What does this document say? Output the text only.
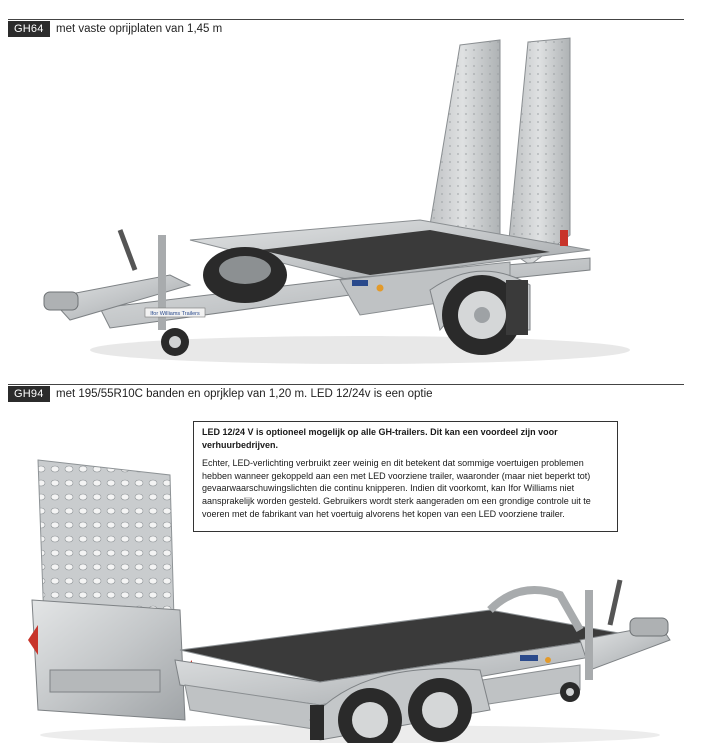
GH64	met vaste oprijplaten van 1,45 m
Ifor Williams Trailers
GH94	met 195/55R10C banden en oprjklep van 1,20 m. LED 12/24v is een optie

LED 12/24 V is optioneel mogelijk op alle GH-trailers. Dit kan een voordeel zijn voor verhuurbedrijven.

Echter, LED-verlichting verbruikt zeer weinig en dit betekent dat sommige voertuigen problemen hebben wanneer gekoppeld aan een met LED voorziene trailer, waaronder (maar niet beperkt tot) gevaarwaarschuwingslichten die continu knipperen. Indien dit voorkomt, kan Ifor Williams niet aansprakelijk worden gesteld. Gebruikers wordt sterk aangeraden om een grondige controle uit te voeren met de fabrikant van het voertuig alvorens het kopen van een LED voorziene trailer.
